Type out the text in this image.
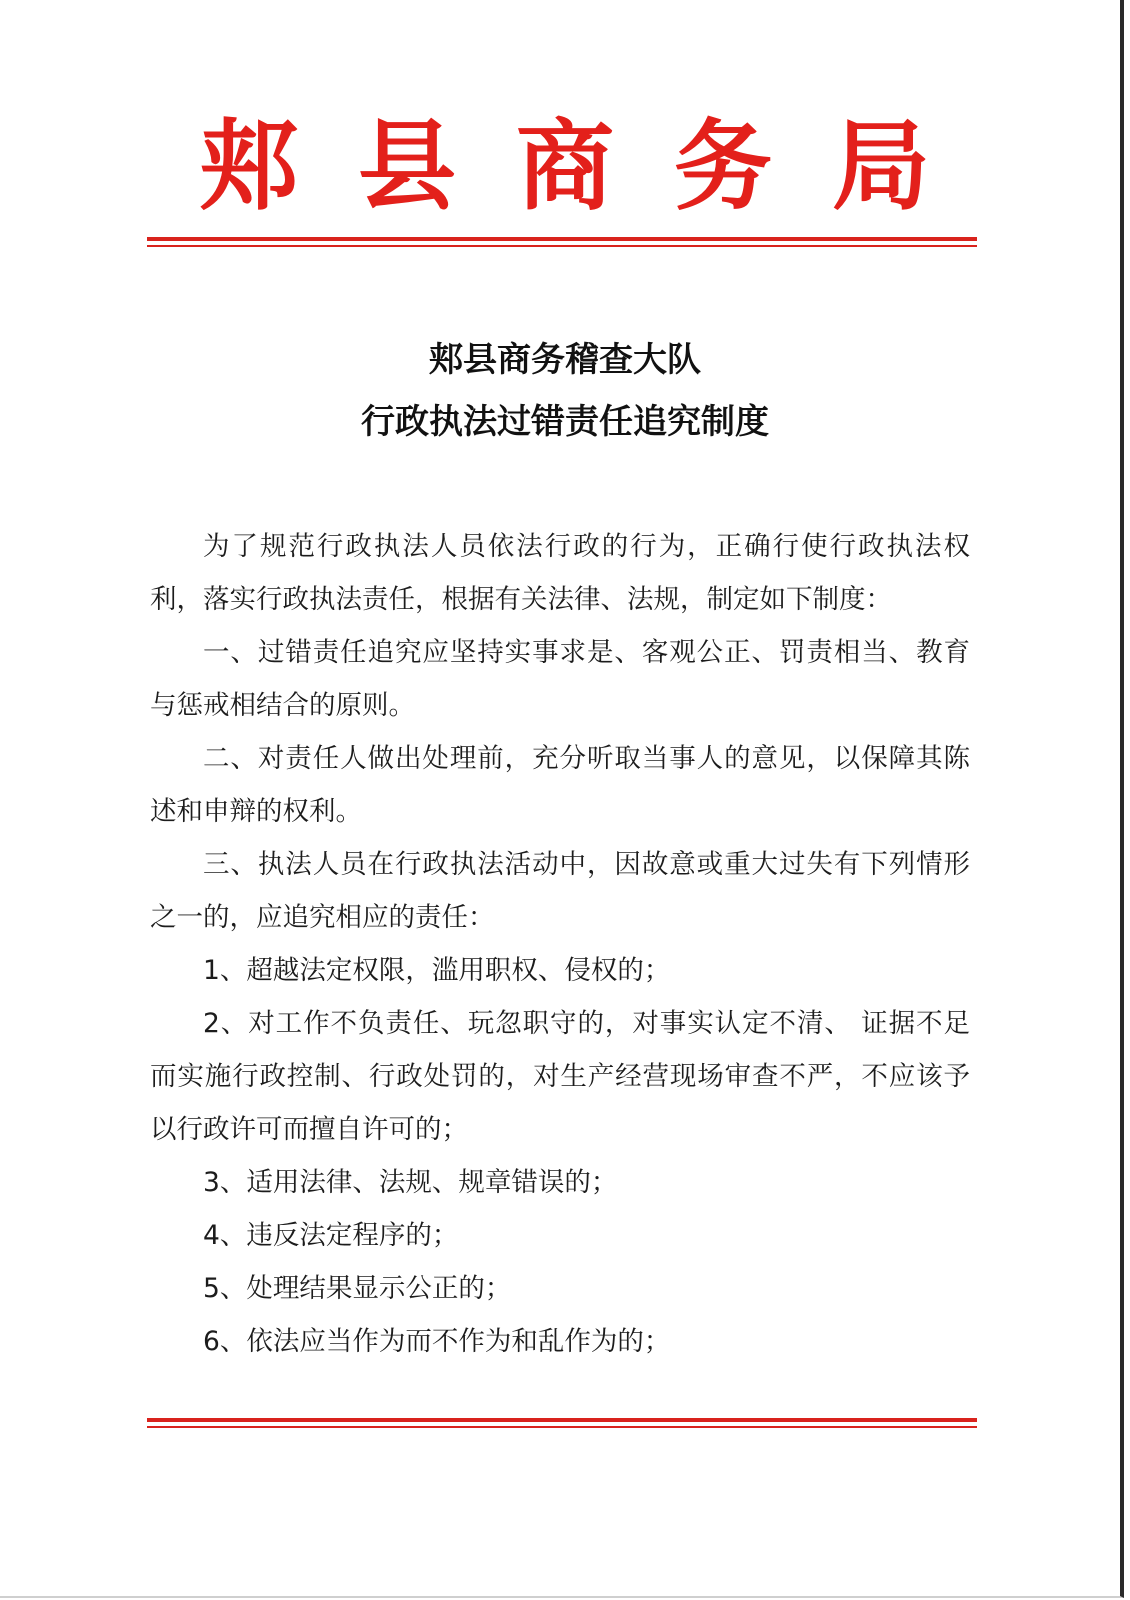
郏县商务局
郏县商务稽查大队
行政执法过错责任追究制度

为了规范行政执法人员依法行政的行为，正确行使行政执法权利，落实行政执法责任，根据有关法律、法规，制定如下制度：

一、过错责任追究应坚持实事求是、客观公正、罚责相当、教育与惩戒相结合的原则。

二、对责任人做出处理前，充分听取当事人的意见，以保障其陈述和申辩的权利。

三、执法人员在行政执法活动中，因故意或重大过失有下列情形之一的，应追究相应的责任：

1、超越法定权限，滥用职权、侵权的；

2、对工作不负责任、玩忽职守的，对事实认定不清、 证据不足而实施行政控制、行政处罚的，对生产经营现场审查不严，不应该予以行政许可而擅自许可的；

3、适用法律、法规、规章错误的；

4、违反法定程序的；

5、处理结果显示公正的；

6、依法应当作为而不作为和乱作为的；
